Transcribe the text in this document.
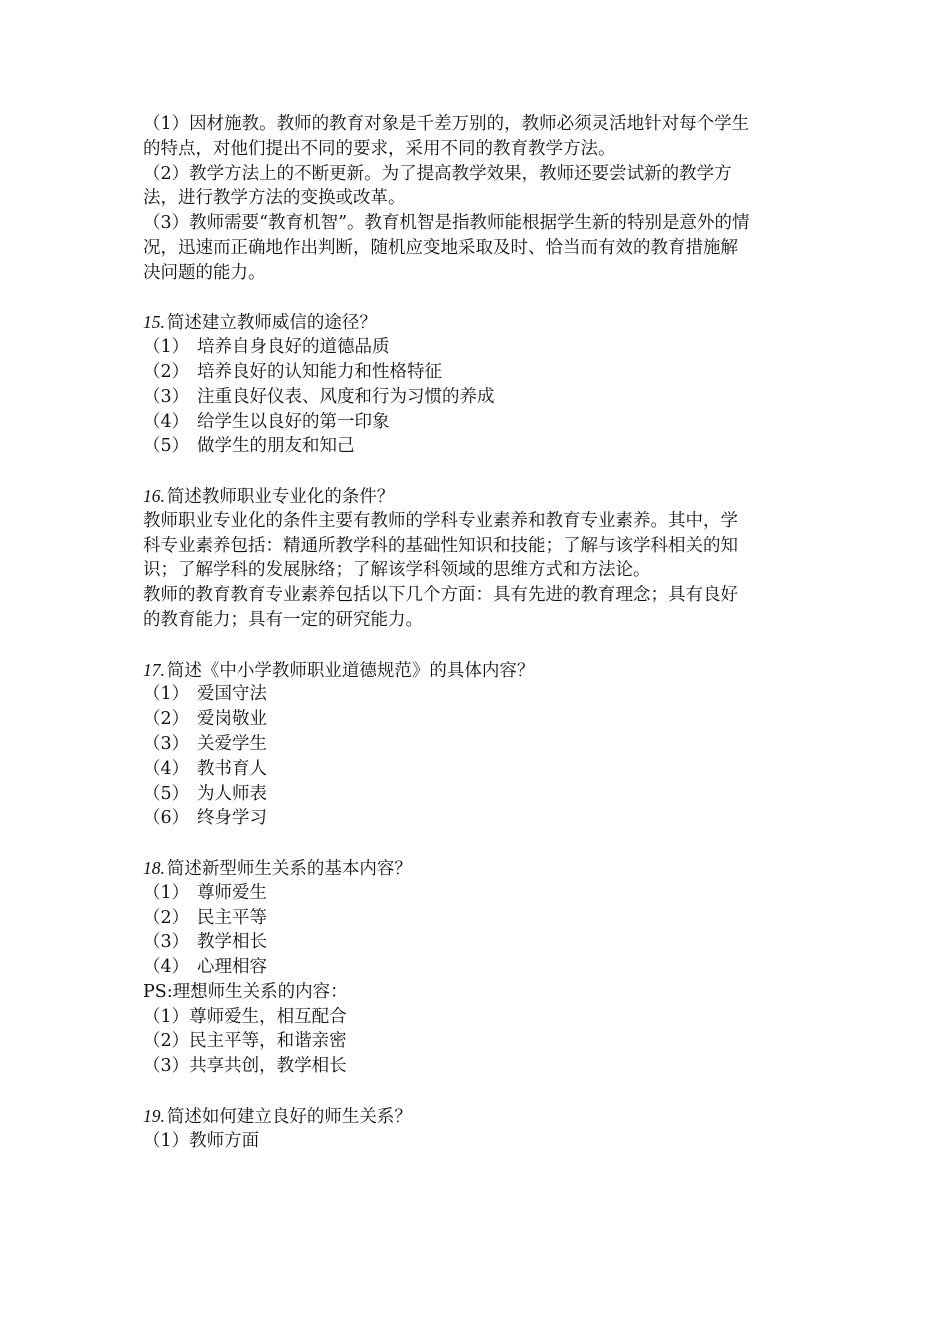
（1）因材施教。教师的教育对象是千差万别的，教师必须灵活地针对每个学生
的特点，对他们提出不同的要求，采用不同的教育教学方法。
（2）教学方法上的不断更新。为了提高教学效果，教师还要尝试新的教学方
法，进行教学方法的变换或改革。
（3）教师需要“教育机智”。教育机智是指教师能根据学生新的特别是意外的情
况，迅速而正确地作出判断，随机应变地采取及时、恰当而有效的教育措施解
决问题的能力。
15. 简述建立教师威信的途径？
（1） 培养自身良好的道德品质
（2） 培养良好的认知能力和性格特征
（3） 注重良好仪表、风度和行为习惯的养成
（4） 给学生以良好的第一印象
（5） 做学生的朋友和知己
16. 简述教师职业专业化的条件？
教师职业专业化的条件主要有教师的学科专业素养和教育专业素养。其中，学
科专业素养包括：精通所教学科的基础性知识和技能；了解与该学科相关的知
识；了解学科的发展脉络；了解该学科领域的思维方式和方法论。
教师的教育教育专业素养包括以下几个方面：具有先进的教育理念；具有良好
的教育能力；具有一定的研究能力。
17. 简述《中小学教师职业道德规范》的具体内容？
（1） 爱国守法
（2） 爱岗敬业
（3） 关爱学生
（4） 教书育人
（5） 为人师表
（6） 终身学习
18. 简述新型师生关系的基本内容？
（1） 尊师爱生
（2） 民主平等
（3） 教学相长
（4） 心理相容
PS:理想师生关系的内容：
（1）尊师爱生，相互配合
（2）民主平等，和谐亲密
（3）共享共创，教学相长
19. 简述如何建立良好的师生关系？
（1）教师方面
